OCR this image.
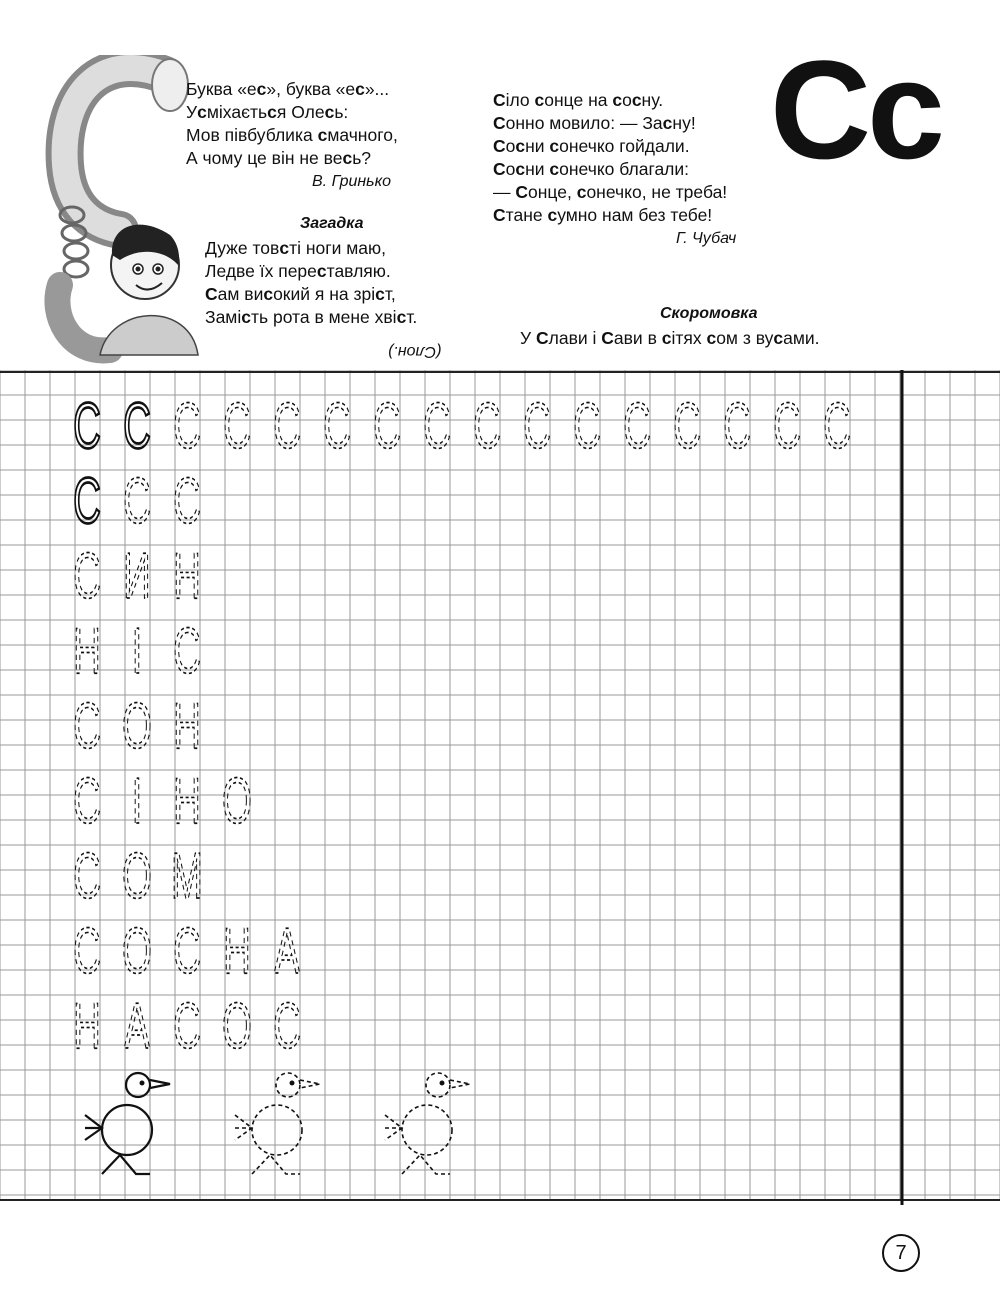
Буква «ес», буква «ес»...
Усміхається Олесь:
Мов півбублика смачного,
А чому це він не весь?
В. Гринько
Загадка
Дуже товсті ноги маю,
Ледве їх переставляю.
Сам високий я на зріст,
Замість рота в мене хвіст.
(Слон.)
Сіло сонце на сосну.
Сонно мовило: — Засну!
Сосни сонечко гойдали.
Сосни сонечко благали:
— Сонце, сонечко, не треба!
Стане сумно нам без тебе!
Г. Чубач
Cc
Скоромовка
У Слави і Сави в сітях сом з вусами.
С С С С С С С С С С С С С С С С
С С С
С И Н
Н І С
С О Н
С І Н О
С О М
С О С Н А
Н А С О С
7
